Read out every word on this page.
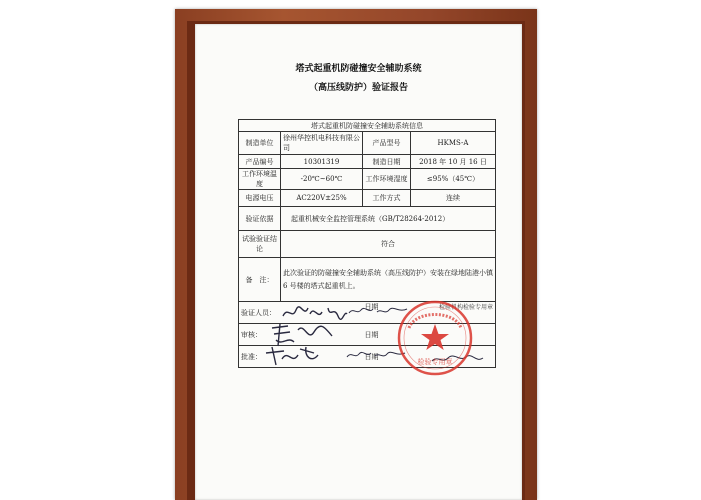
塔式起重机防碰撞安全辅助系统
（高压线防护）验证报告
塔式起重机防碰撞安全辅助系统信息			
制造单位	徐州华控机电科技有限公司	产品型号	HKMS-A
产品编号	10301319	制造日期	2018 年 10 月 16 日
工作环境温度	-20℃~60℃	工作环境湿度	≤95%（45℃）
电源电压	AC220V±25%	工作方式	连续
验证依据	起重机械安全监控管理系统（GB/T28264-2012）		
试验验证结论	符合		
备　注：	此次验证的防碰撞安全辅助系统（高压线防护）安装在绿地陆港小镇 6 号楼的塔式起重机上。		
验证人员：		日期 检验机构检验专用章	

审核：		日期	
批准：		日期	
检验专用章
